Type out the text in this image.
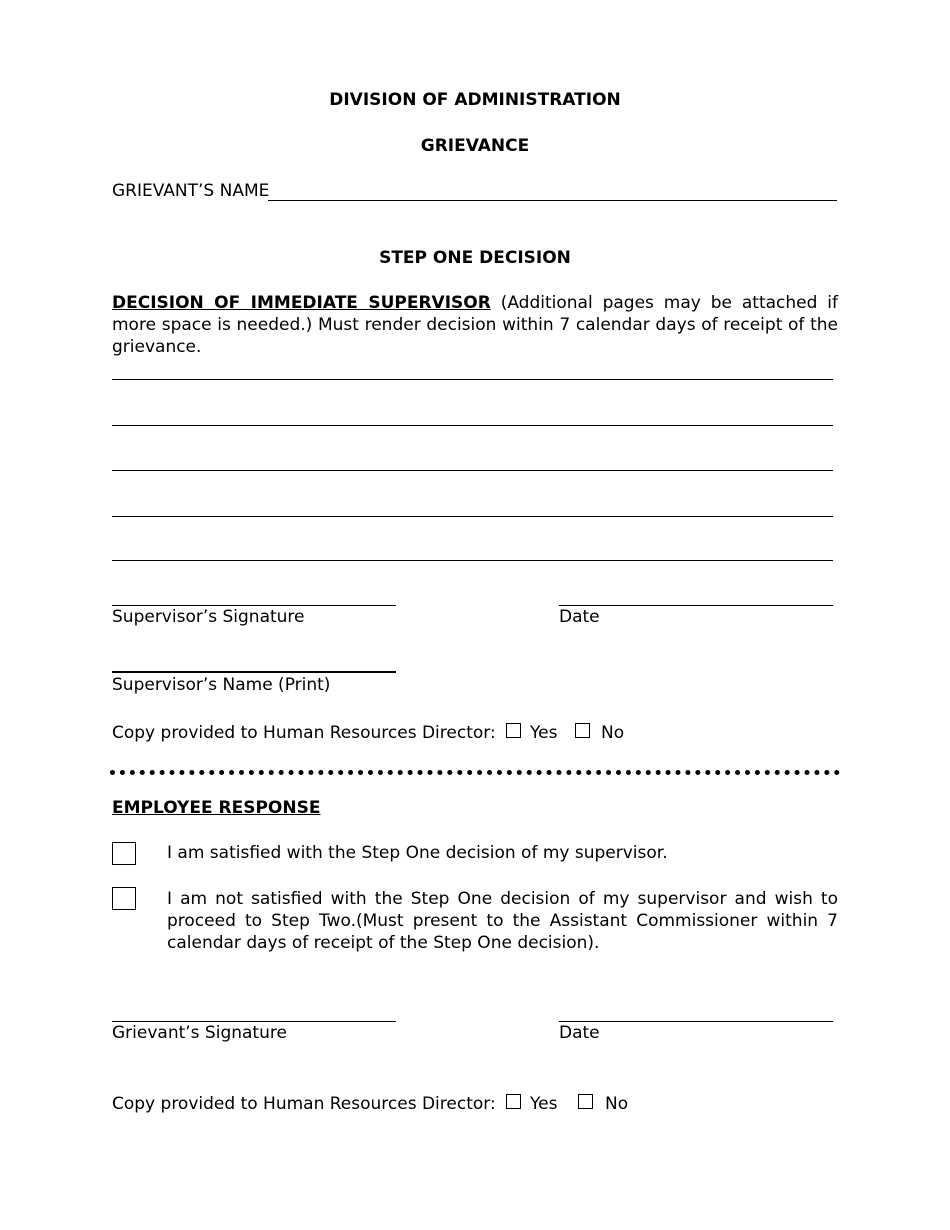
DIVISION OF ADMINISTRATION
GRIEVANCE
GRIEVANT’S NAME
STEP ONE DECISION
DECISION OF IMMEDIATE SUPERVISOR (Additional pages may be attached if more space is needed.) Must render decision within 7 calendar days of receipt of the grievance.
Supervisor’s Signature	Date
Supervisor’s Name (Print)
Copy provided to Human Resources Director: Yes	No
EMPLOYEE RESPONSE
I am satisfied with the Step One decision of my supervisor.
I am not satisfied with the Step One decision of my supervisor and wish to proceed to Step Two.(Must present to the Assistant Commissioner within 7 calendar days of receipt of the Step One decision).
Grievant’s Signature	Date
Copy provided to Human Resources Director: Yes	No
